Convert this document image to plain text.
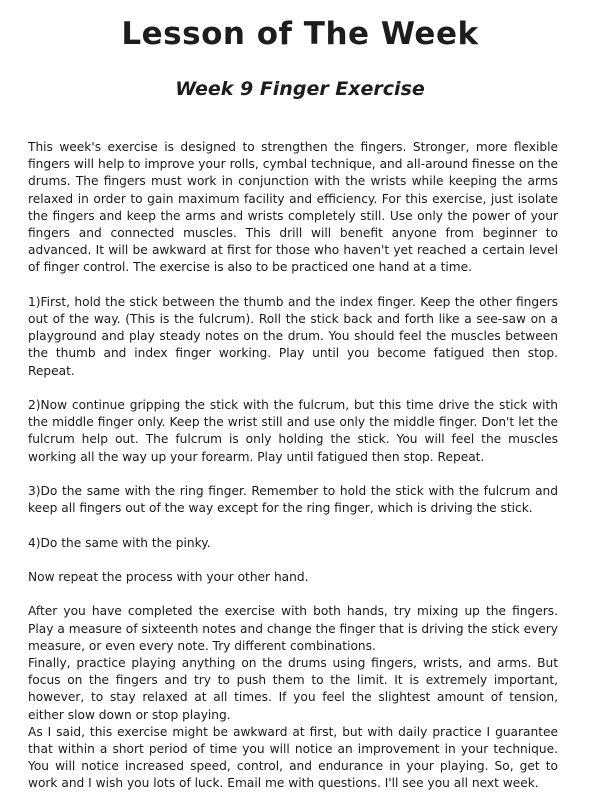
Lesson of The Week
Week 9 Finger Exercise

This week's exercise is designed to strengthen the fingers. Stronger, more flexible fingers will help to improve your rolls, cymbal technique, and all-around finesse on the drums. The fingers must work in conjunction with the wrists while keeping the arms relaxed in order to gain maximum facility and efficiency. For this exercise, just isolate the fingers and keep the arms and wrists completely still. Use only the power of your fingers and connected muscles. This drill will benefit anyone from beginner to advanced. It will be awkward at first for those who haven't yet reached a certain level of finger control. The exercise is also to be practiced one hand at a time.

1)First, hold the stick between the thumb and the index finger. Keep the other fingers out of the way. (This is the fulcrum). Roll the stick back and forth like a see-saw on a playground and play steady notes on the drum. You should feel the muscles between the thumb and index finger working. Play until you become fatigued then stop. Repeat.

2)Now continue gripping the stick with the fulcrum, but this time drive the stick with the middle finger only. Keep the wrist still and use only the middle finger. Don't let the fulcrum help out. The fulcrum is only holding the stick. You will feel the muscles working all the way up your forearm. Play until fatigued then stop. Repeat.

3)Do the same with the ring finger. Remember to hold the stick with the fulcrum and keep all fingers out of the way except for the ring finger, which is driving the stick.

4)Do the same with the pinky.

Now repeat the process with your other hand.

After you have completed the exercise with both hands, try mixing up the fingers. Play a measure of sixteenth notes and change the finger that is driving the stick every measure, or even every note. Try different combinations.

Finally, practice playing anything on the drums using fingers, wrists, and arms. But focus on the fingers and try to push them to the limit. It is extremely important, however, to stay relaxed at all times. If you feel the slightest amount of tension, either slow down or stop playing.

As I said, this exercise might be awkward at first, but with daily practice I guarantee that within a short period of time you will notice an improvement in your technique. You will notice increased speed, control, and endurance in your playing. So, get to work and I wish you lots of luck. Email me with questions. I'll see you all next week.
